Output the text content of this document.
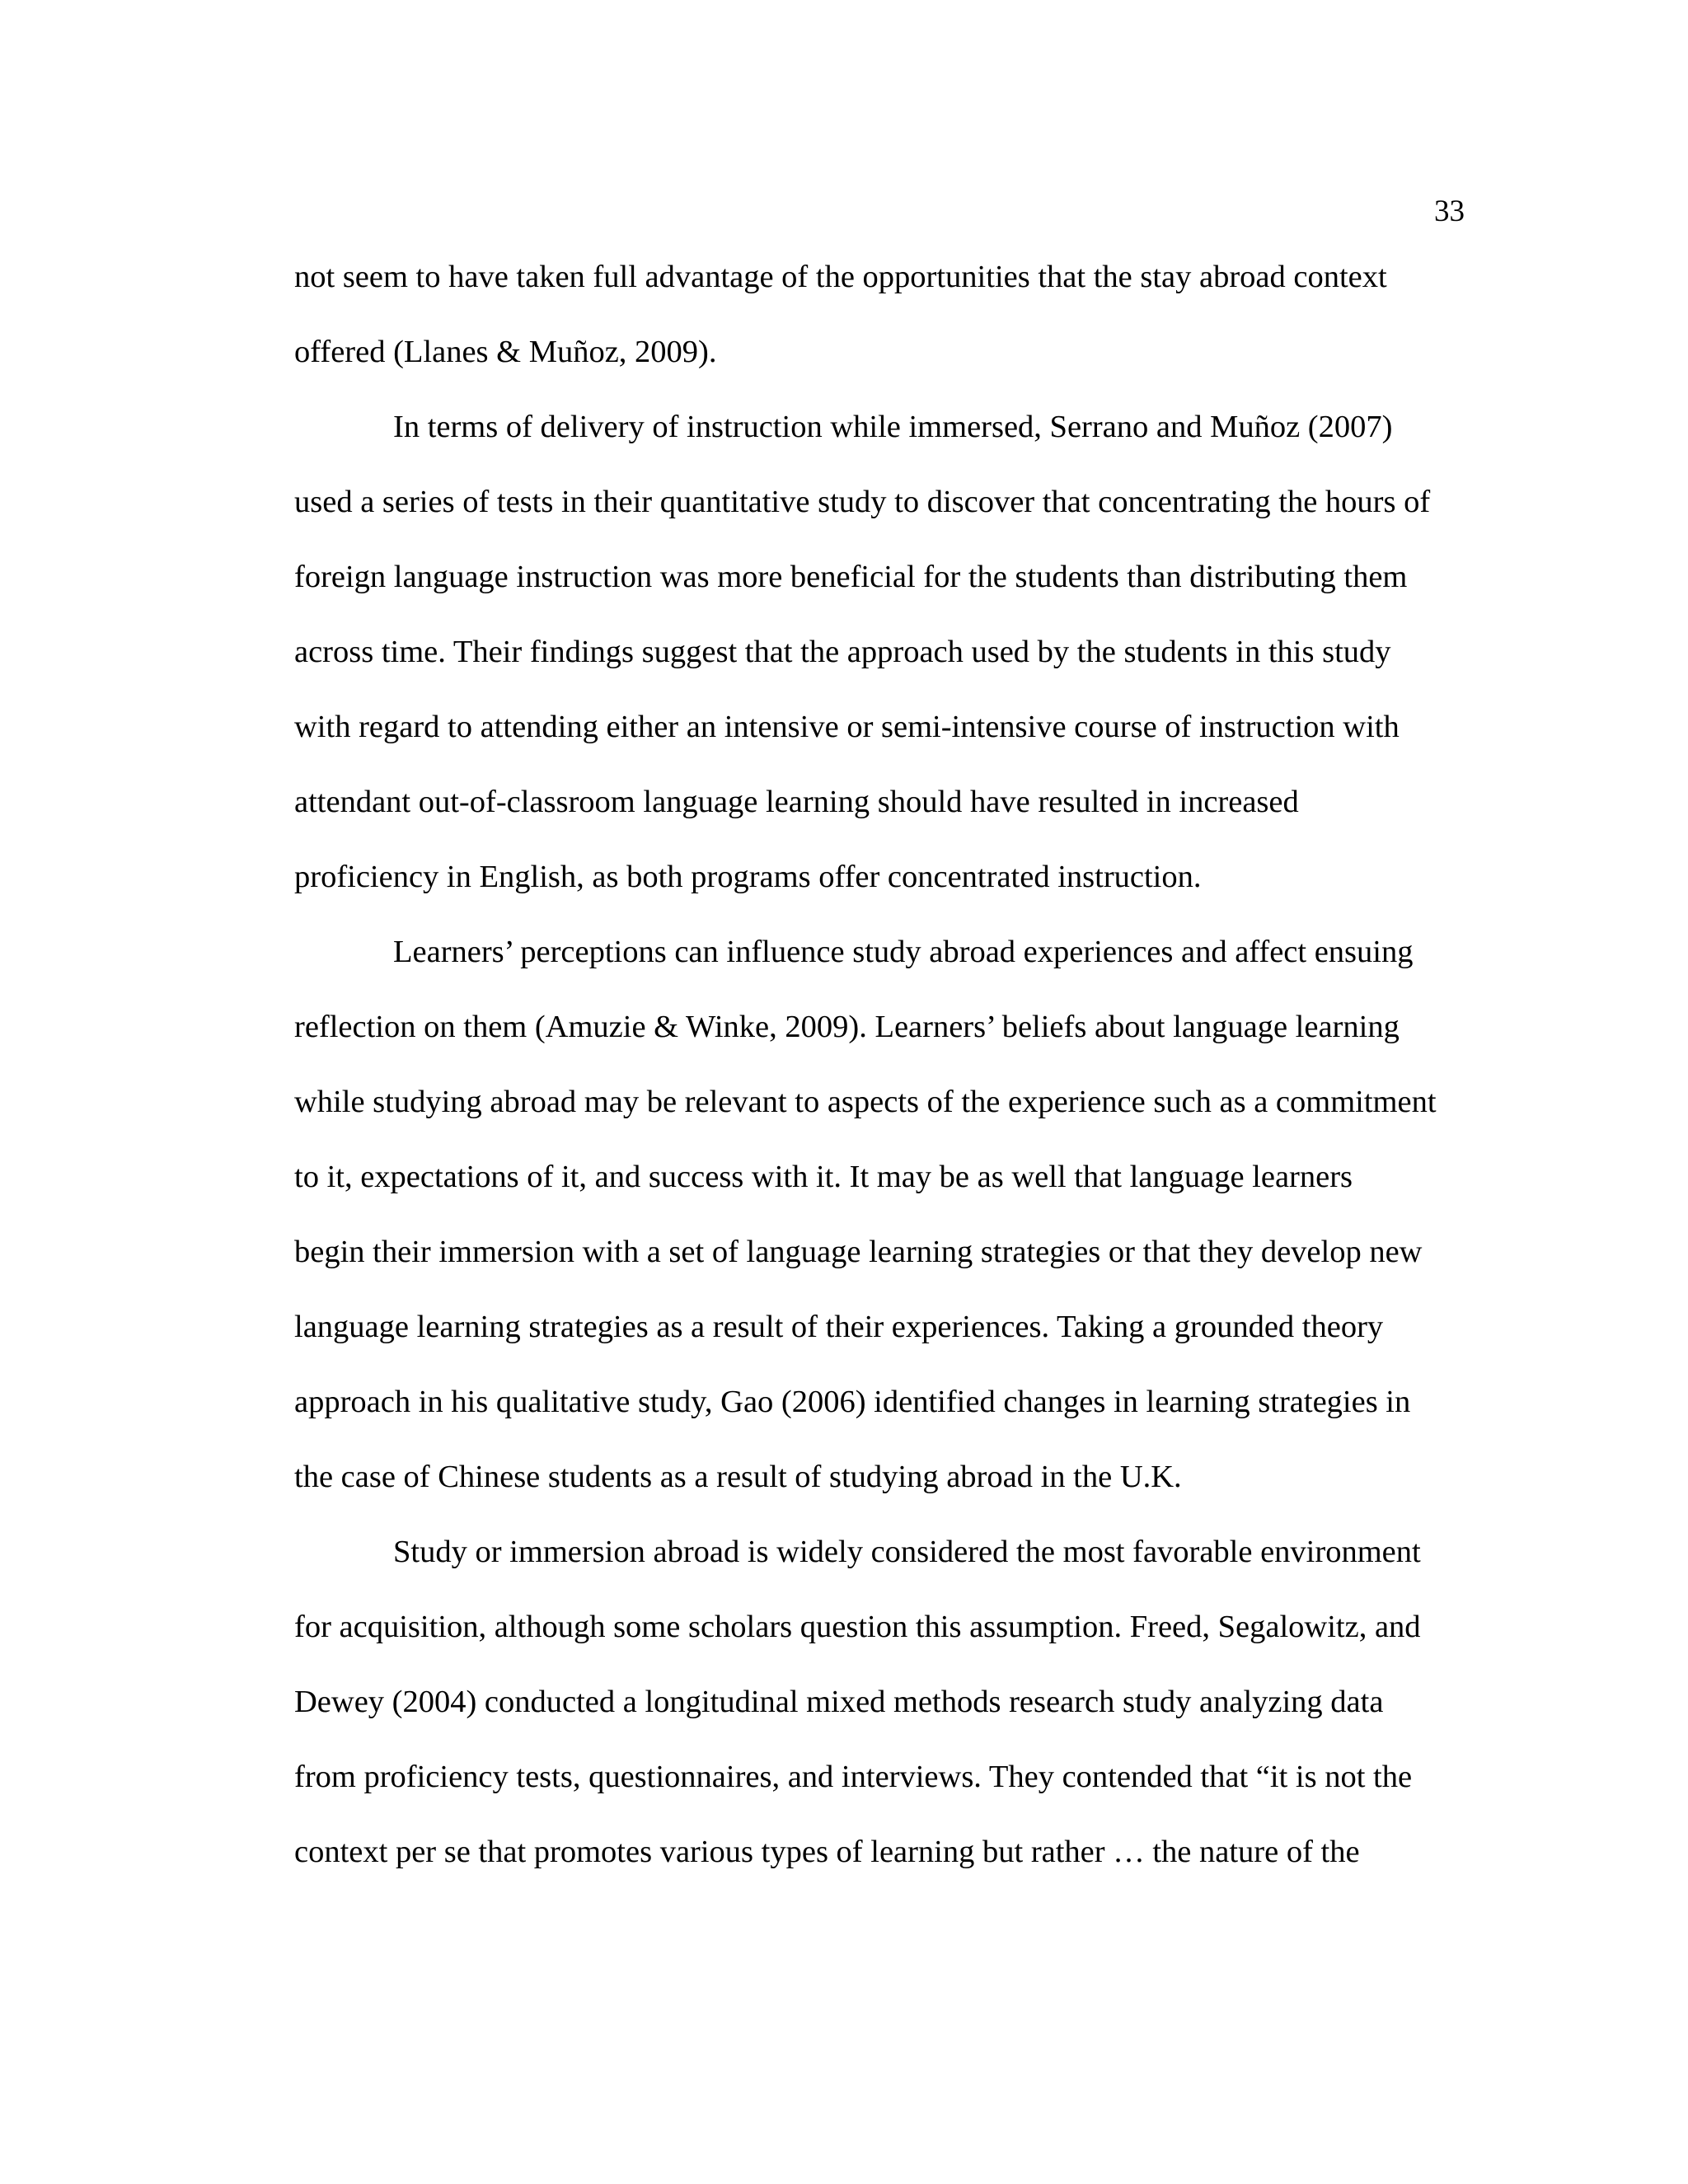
33
not seem to have taken full advantage of the opportunities that the stay abroad context
offered (Llanes & Muñoz, 2009).
In terms of delivery of instruction while immersed, Serrano and Muñoz (2007)
used a series of tests in their quantitative study to discover that concentrating the hours of
foreign language instruction was more beneficial for the students than distributing them
across time. Their findings suggest that the approach used by the students in this study
with regard to attending either an intensive or semi-intensive course of instruction with
attendant out-of-classroom language learning should have resulted in increased
proficiency in English, as both programs offer concentrated instruction.
Learners’ perceptions can influence study abroad experiences and affect ensuing
reflection on them (Amuzie & Winke, 2009). Learners’ beliefs about language learning
while studying abroad may be relevant to aspects of the experience such as a commitment
to it, expectations of it, and success with it. It may be as well that language learners
begin their immersion with a set of language learning strategies or that they develop new
language learning strategies as a result of their experiences. Taking a grounded theory
approach in his qualitative study, Gao (2006) identified changes in learning strategies in
the case of Chinese students as a result of studying abroad in the U.K.
Study or immersion abroad is widely considered the most favorable environment
for acquisition, although some scholars question this assumption. Freed, Segalowitz, and
Dewey (2004) conducted a longitudinal mixed methods research study analyzing data
from proficiency tests, questionnaires, and interviews. They contended that “it is not the
context per se that promotes various types of learning but rather … the nature of the
